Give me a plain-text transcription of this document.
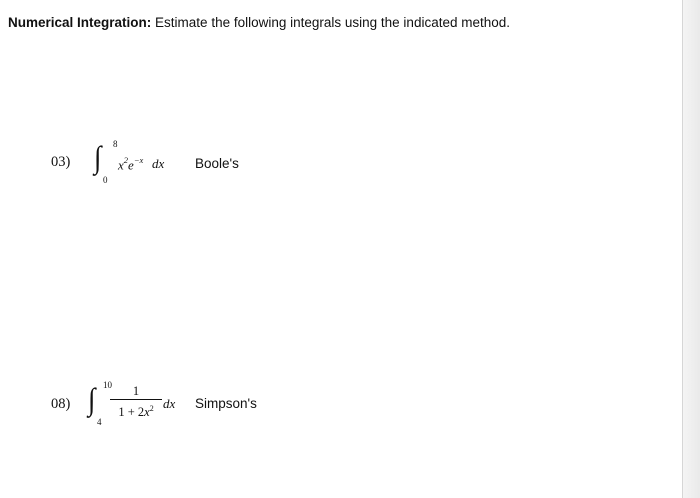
Numerical Integration: Estimate the following integrals using the indicated method.
03) ∫ 8
0
$x^2e^{-x}$ dx Boole's
08) ∫ 10
4
1
$1 + 2x^2$ dx Simpson's
